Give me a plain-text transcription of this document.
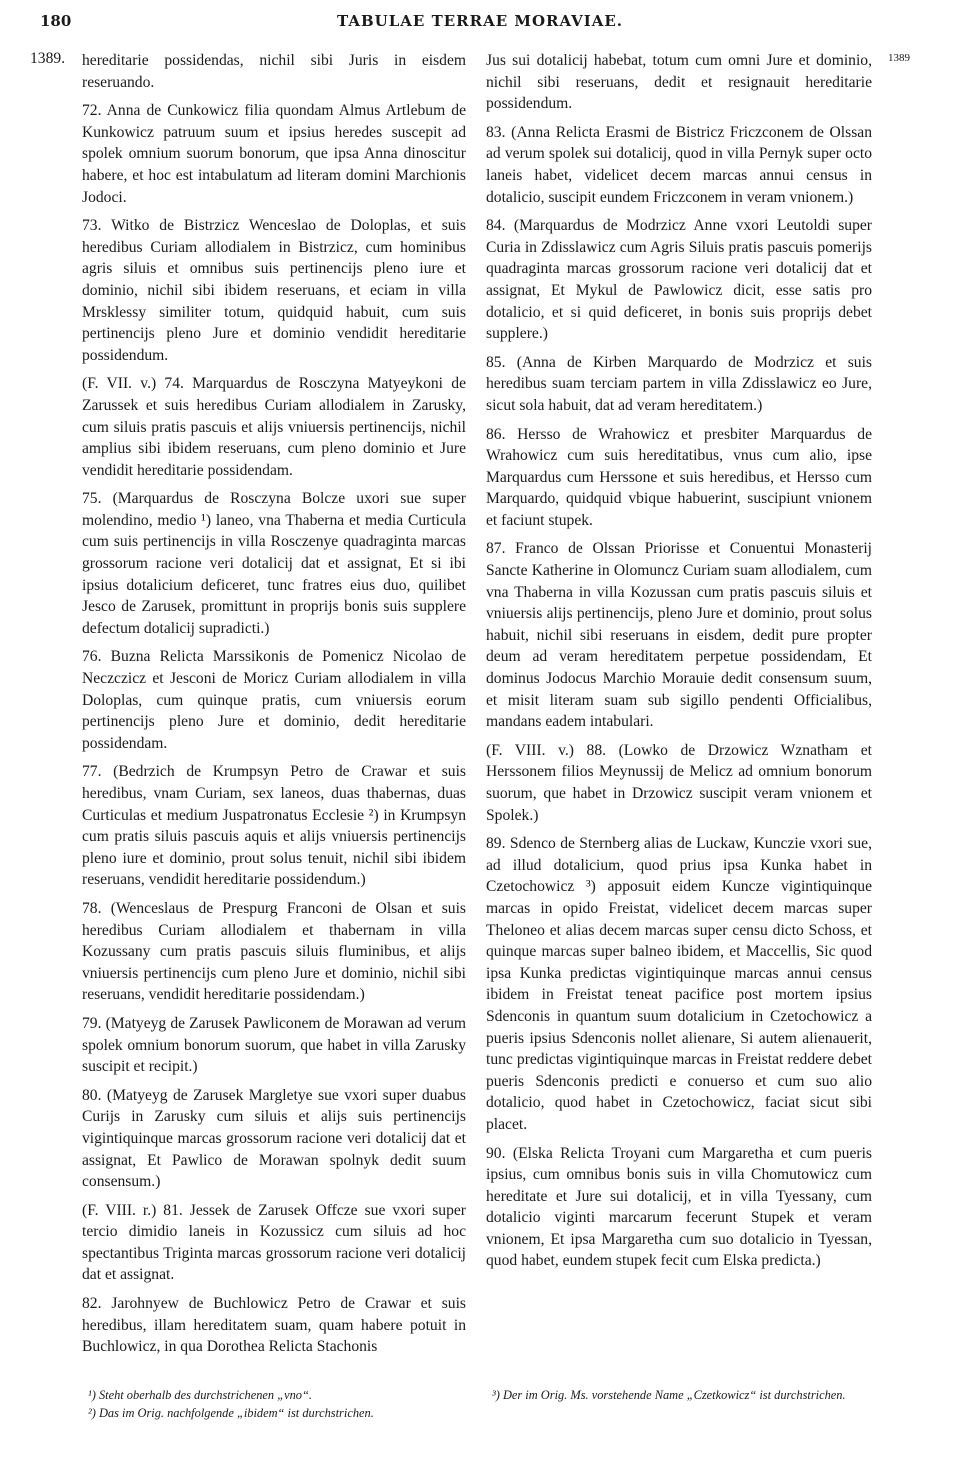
180	TABULAE TERRAE MORAVIAE.
1389.	1389

hereditarie possidendas, nichil sibi Juris in eisdem reseruando.

72. Anna de Cunkowicz filia quondam Almus Artlebum de Kunkowicz patruum suum et ipsius heredes suscepit ad spolek omnium suorum bonorum, que ipsa Anna dinoscitur habere, et hoc est intabulatum ad literam domini Marchionis Jodoci.

73. Witko de Bistrzicz Wenceslao de Doloplas, et suis heredibus Curiam allodialem in Bistrzicz, cum hominibus agris siluis et omnibus suis pertinencijs pleno iure et dominio, nichil sibi ibidem reseruans, et eciam in villa Mrsklessy similiter totum, quidquid habuit, cum suis pertinencijs pleno Jure et dominio vendidit hereditarie possidendum.

(F. VII. v.) 74. Marquardus de Rosczyna Matyeykoni de Zarussek et suis heredibus Curiam allodialem in Zarusky, cum siluis pratis pascuis et alijs vniuersis pertinencijs, nichil amplius sibi ibidem reseruans, cum pleno dominio et Jure vendidit hereditarie possidendam.

75. (Marquardus de Rosczyna Bolcze uxori sue super molendino, medio ¹) laneo, vna Thaberna et media Curticula cum suis pertinencijs in villa Rosczenye quadraginta marcas grossorum racione veri dotalicij dat et assignat, Et si ibi ipsius dotalicium deficeret, tunc fratres eius duo, quilibet Jesco de Zarusek, promittunt in proprijs bonis suis supplere defectum dotalicij supradicti.)

76. Buzna Relicta Marssikonis de Pomenicz Nicolao de Neczczicz et Jesconi de Moricz Curiam allodialem in villa Doloplas, cum quinque pratis, cum vniuersis eorum pertinencijs pleno Jure et dominio, dedit hereditarie possidendam.

77. (Bedrzich de Krumpsyn Petro de Crawar et suis heredibus, vnam Curiam, sex laneos, duas thabernas, duas Curticulas et medium Juspatronatus Ecclesie ²) in Krumpsyn cum pratis siluis pascuis aquis et alijs vniuersis pertinencijs pleno iure et dominio, prout solus tenuit, nichil sibi ibidem reseruans, vendidit hereditarie possidendum.)

78. (Wenceslaus de Prespurg Franconi de Olsan et suis heredibus Curiam allodialem et thabernam in villa Kozussany cum pratis pascuis siluis fluminibus, et alijs vniuersis pertinencijs cum pleno Jure et dominio, nichil sibi reseruans, vendidit hereditarie possidendam.)

79. (Matyeyg de Zarusek Pawliconem de Morawan ad verum spolek omnium bonorum suorum, que habet in villa Zarusky suscipit et recipit.)

80. (Matyeyg de Zarusek Margletye sue vxori super duabus Curijs in Zarusky cum siluis et alijs suis pertinencijs vigintiquinque marcas grossorum racione veri dotalicij dat et assignat, Et Pawlico de Morawan spolnyk dedit suum consensum.)

(F. VIII. r.) 81. Jessek de Zarusek Offcze sue vxori super tercio dimidio laneis in Kozussicz cum siluis ad hoc spectantibus Triginta marcas grossorum racione veri dotalicij dat et assignat.

82. Jarohnyew de Buchlowicz Petro de Crawar et suis heredibus, illam hereditatem suam, quam habere potuit in Buchlowicz, in qua Dorothea Relicta Stachonis

Jus sui dotalicij habebat, totum cum omni Jure et dominio, nichil sibi reseruans, dedit et resignauit hereditarie possidendum.

83. (Anna Relicta Erasmi de Bistricz Friczconem de Olssan ad verum spolek sui dotalicij, quod in villa Pernyk super octo laneis habet, videlicet decem marcas annui census in dotalicio, suscipit eundem Friczconem in veram vnionem.)

84. (Marquardus de Modrzicz Anne vxori Leutoldi super Curia in Zdisslawicz cum Agris Siluis pratis pascuis pomerijs quadraginta marcas grossorum racione veri dotalicij dat et assignat, Et Mykul de Pawlowicz dicit, esse satis pro dotalicio, et si quid deficeret, in bonis suis proprijs debet supplere.)

85. (Anna de Kirben Marquardo de Modrzicz et suis heredibus suam terciam partem in villa Zdisslawicz eo Jure, sicut sola habuit, dat ad veram hereditatem.)

86. Hersso de Wrahowicz et presbiter Marquardus de Wrahowicz cum suis hereditatibus, vnus cum alio, ipse Marquardus cum Herssone et suis heredibus, et Hersso cum Marquardo, quidquid vbique habuerint, suscipiunt vnionem et faciunt stupek.

87. Franco de Olssan Priorisse et Conuentui Monasterij Sancte Katherine in Olomuncz Curiam suam allodialem, cum vna Thaberna in villa Kozussan cum pratis pascuis siluis et vniuersis alijs pertinencijs, pleno Jure et dominio, prout solus habuit, nichil sibi reseruans in eisdem, dedit pure propter deum ad veram hereditatem perpetue possidendam, Et dominus Jodocus Marchio Morauie dedit consensum suum, et misit literam suam sub sigillo pendenti Officialibus, mandans eadem intabulari.

(F. VIII. v.) 88. (Lowko de Drzowicz Wznatham et Herssonem filios Meynussij de Melicz ad omnium bonorum suorum, que habet in Drzowicz suscipit veram vnionem et Spolek.)

89. Sdenco de Sternberg alias de Luckaw, Kunczie vxori sue, ad illud dotalicium, quod prius ipsa Kunka habet in Czetochowicz ³) apposuit eidem Kuncze vigintiquinque marcas in opido Freistat, videlicet decem marcas super Theloneo et alias decem marcas super censu dicto Schoss, et quinque marcas super balneo ibidem, et Maccellis, Sic quod ipsa Kunka predictas vigintiquinque marcas annui census ibidem in Freistat teneat pacifice post mortem ipsius Sdenconis in quantum suum dotalicium in Czetochowicz a pueris ipsius Sdenconis nollet alienare, Si autem alienauerit, tunc predictas vigintiquinque marcas in Freistat reddere debet pueris Sdenconis predicti e conuerso et cum suo alio dotalicio, quod habet in Czetochowicz, faciat sicut sibi placet.

90. (Elska Relicta Troyani cum Margaretha et cum pueris ipsius, cum omnibus bonis suis in villa Chomutowicz cum hereditate et Jure sui dotalicij, et in villa Tyessany, cum dotalicio viginti marcarum fecerunt Stupek et veram vnionem, Et ipsa Margaretha cum suo dotalicio in Tyessan, quod habet, eundem stupek fecit cum Elska predicta.)

¹) Steht oberhalb des durchstrichenen „vno“.
²) Das im Orig. nachfolgende „ibidem“ ist durchstrichen.
³) Der im Orig. Ms. vorstehende Name „Czetkowicz“ ist durchstrichen.
